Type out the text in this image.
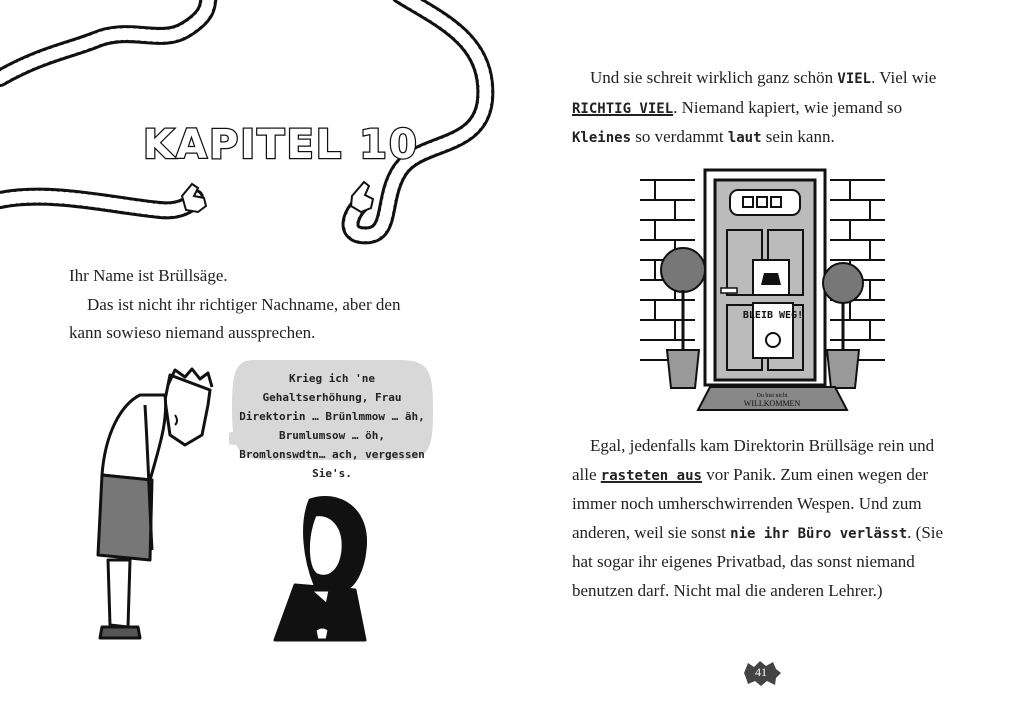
KAPITEL 10

Ihr Name ist Brüllsäge.

Das ist nicht ihr richtiger Nachname, aber den kann sowieso niemand aussprechen.

Krieg ich 'ne Gehaltserhöhung, Frau Direktorin … Brünlmmow … äh, Brumlumsow … öh, Bromlonswdtn… ach, vergessen Sie's.

Und sie schreit wirklich ganz schön VIEL. Viel wie RICHTIG VIEL. Niemand kapiert, wie jemand so Kleines so verdammt laut sein kann.

BLEIB WEG!
Du bist nicht
WILLKOMMEN

Egal, jedenfalls kam Direktorin Brüllsäge rein und alle rasteten aus vor Panik. Zum einen wegen der immer noch umherschwirrenden Wespen. Und zum anderen, weil sie sonst nie ihr Büro verlässt. (Sie hat sogar ihr eigenes Privatbad, das sonst niemand benutzen darf. Nicht mal die anderen Lehrer.)

41
